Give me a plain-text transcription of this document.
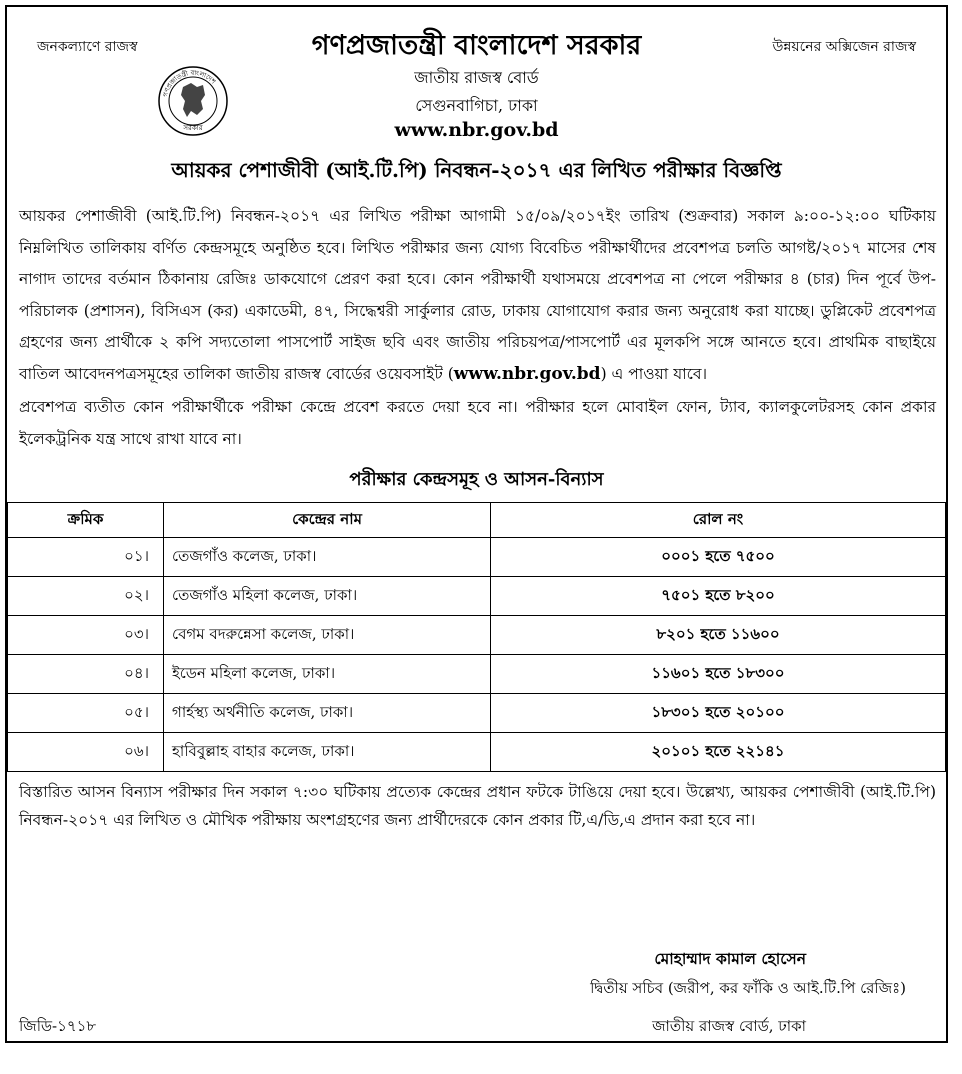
জনকল্যাণে রাজস্ব	উন্নয়নের অক্সিজেন রাজস্ব
গণপ্রজাতন্ত্রী বাংলাদেশ সরকার
গণপ্রজাতন্ত্রী বাংলাদেশ
সরকার
জাতীয় রাজস্ব বোর্ড
সেগুনবাগিচা, ঢাকা
www.nbr.gov.bd
আয়কর পেশাজীবী (আই.টি.পি) নিবন্ধন-২০১৭ এর লিখিত পরীক্ষার বিজ্ঞপ্তি

আয়কর পেশাজীবী (আই.টি.পি) নিবন্ধন-২০১৭ এর লিখিত পরীক্ষা আগামী ১৫/০৯/২০১৭ইং তারিখ (শুক্রবার) সকাল ৯:০০-১২:০০ ঘটিকায় নিম্নলিখিত তালিকায় বর্ণিত কেন্দ্রসমূহে অনুষ্ঠিত হবে। লিখিত পরীক্ষার জন্য যোগ্য বিবেচিত পরীক্ষার্থীদের প্রবেশপত্র চলতি আগষ্ট/২০১৭ মাসের শেষ নাগাদ তাদের বর্তমান ঠিকানায় রেজিঃ ডাকযোগে প্রেরণ করা হবে। কোন পরীক্ষার্থী যথাসময়ে প্রবেশপত্র না পেলে পরীক্ষার ৪ (চার) দিন পূর্বে উপ-পরিচালক (প্রশাসন), বিসিএস (কর) একাডেমী, ৪৭, সিদ্ধেশ্বরী সার্কুলার রোড, ঢাকায় যোগাযোগ করার জন্য অনুরোধ করা যাচ্ছে। ডুপ্লিকেট প্রবেশপত্র গ্রহণের জন্য প্রার্থীকে ২ কপি সদ্যতোলা পাসপোর্ট সাইজ ছবি এবং জাতীয় পরিচয়পত্র/পাসপোর্ট এর মূলকপি সঙ্গে আনতে হবে। প্রাথমিক বাছাইয়ে বাতিল আবেদনপত্রসমূহের তালিকা জাতীয় রাজস্ব বোর্ডের ওয়েবসাইট (www.nbr.gov.bd) এ পাওয়া যাবে।

প্রবেশপত্র ব্যতীত কোন পরীক্ষার্থীকে পরীক্ষা কেন্দ্রে প্রবেশ করতে দেয়া হবে না। পরীক্ষার হলে মোবাইল ফোন, ট্যাব, ক্যালকুলেটরসহ কোন প্রকার ইলেকট্রনিক যন্ত্র সাথে রাখা যাবে না।

পরীক্ষার কেন্দ্রসমূহ ও আসন-বিন্যাস
ক্রমিক	কেন্দ্রের নাম	রোল নং
০১।	তেজগাঁও কলেজ, ঢাকা।	০০০১ হতে ৭৫০০
০২।	তেজগাঁও মহিলা কলেজ, ঢাকা।	৭৫০১ হতে ৮২০০
০৩।	বেগম বদরুন্নেসা কলেজ, ঢাকা।	৮২০১ হতে ১১৬০০
০৪।	ইডেন মহিলা কলেজ, ঢাকা।	১১৬০১ হতে ১৮৩০০
০৫।	গার্হস্থ্য অর্থনীতি কলেজ, ঢাকা।	১৮৩০১ হতে ২০১০০
০৬।	হাবিবুল্লাহ বাহার কলেজ, ঢাকা।	২০১০১ হতে ২২১৪১
বিস্তারিত আসন বিন্যাস পরীক্ষার দিন সকাল ৭:৩০ ঘটিকায় প্রত্যেক কেন্দ্রের প্রধান ফটকে টাঙিয়ে দেয়া হবে। উল্লেখ্য, আয়কর পেশাজীবী (আই.টি.পি) নিবন্ধন-২০১৭ এর লিখিত ও মৌখিক পরীক্ষায় অংশগ্রহণের জন্য প্রার্থীদেরকে কোন প্রকার টি,এ/ডি,এ প্রদান করা হবে না।
মোহাম্মাদ কামাল হোসেন
দ্বিতীয় সচিব (জরীপ, কর ফাঁকি ও আই.টি.পি রেজিঃ)
জিডি-১৭১৮	জাতীয় রাজস্ব বোর্ড, ঢাকা
